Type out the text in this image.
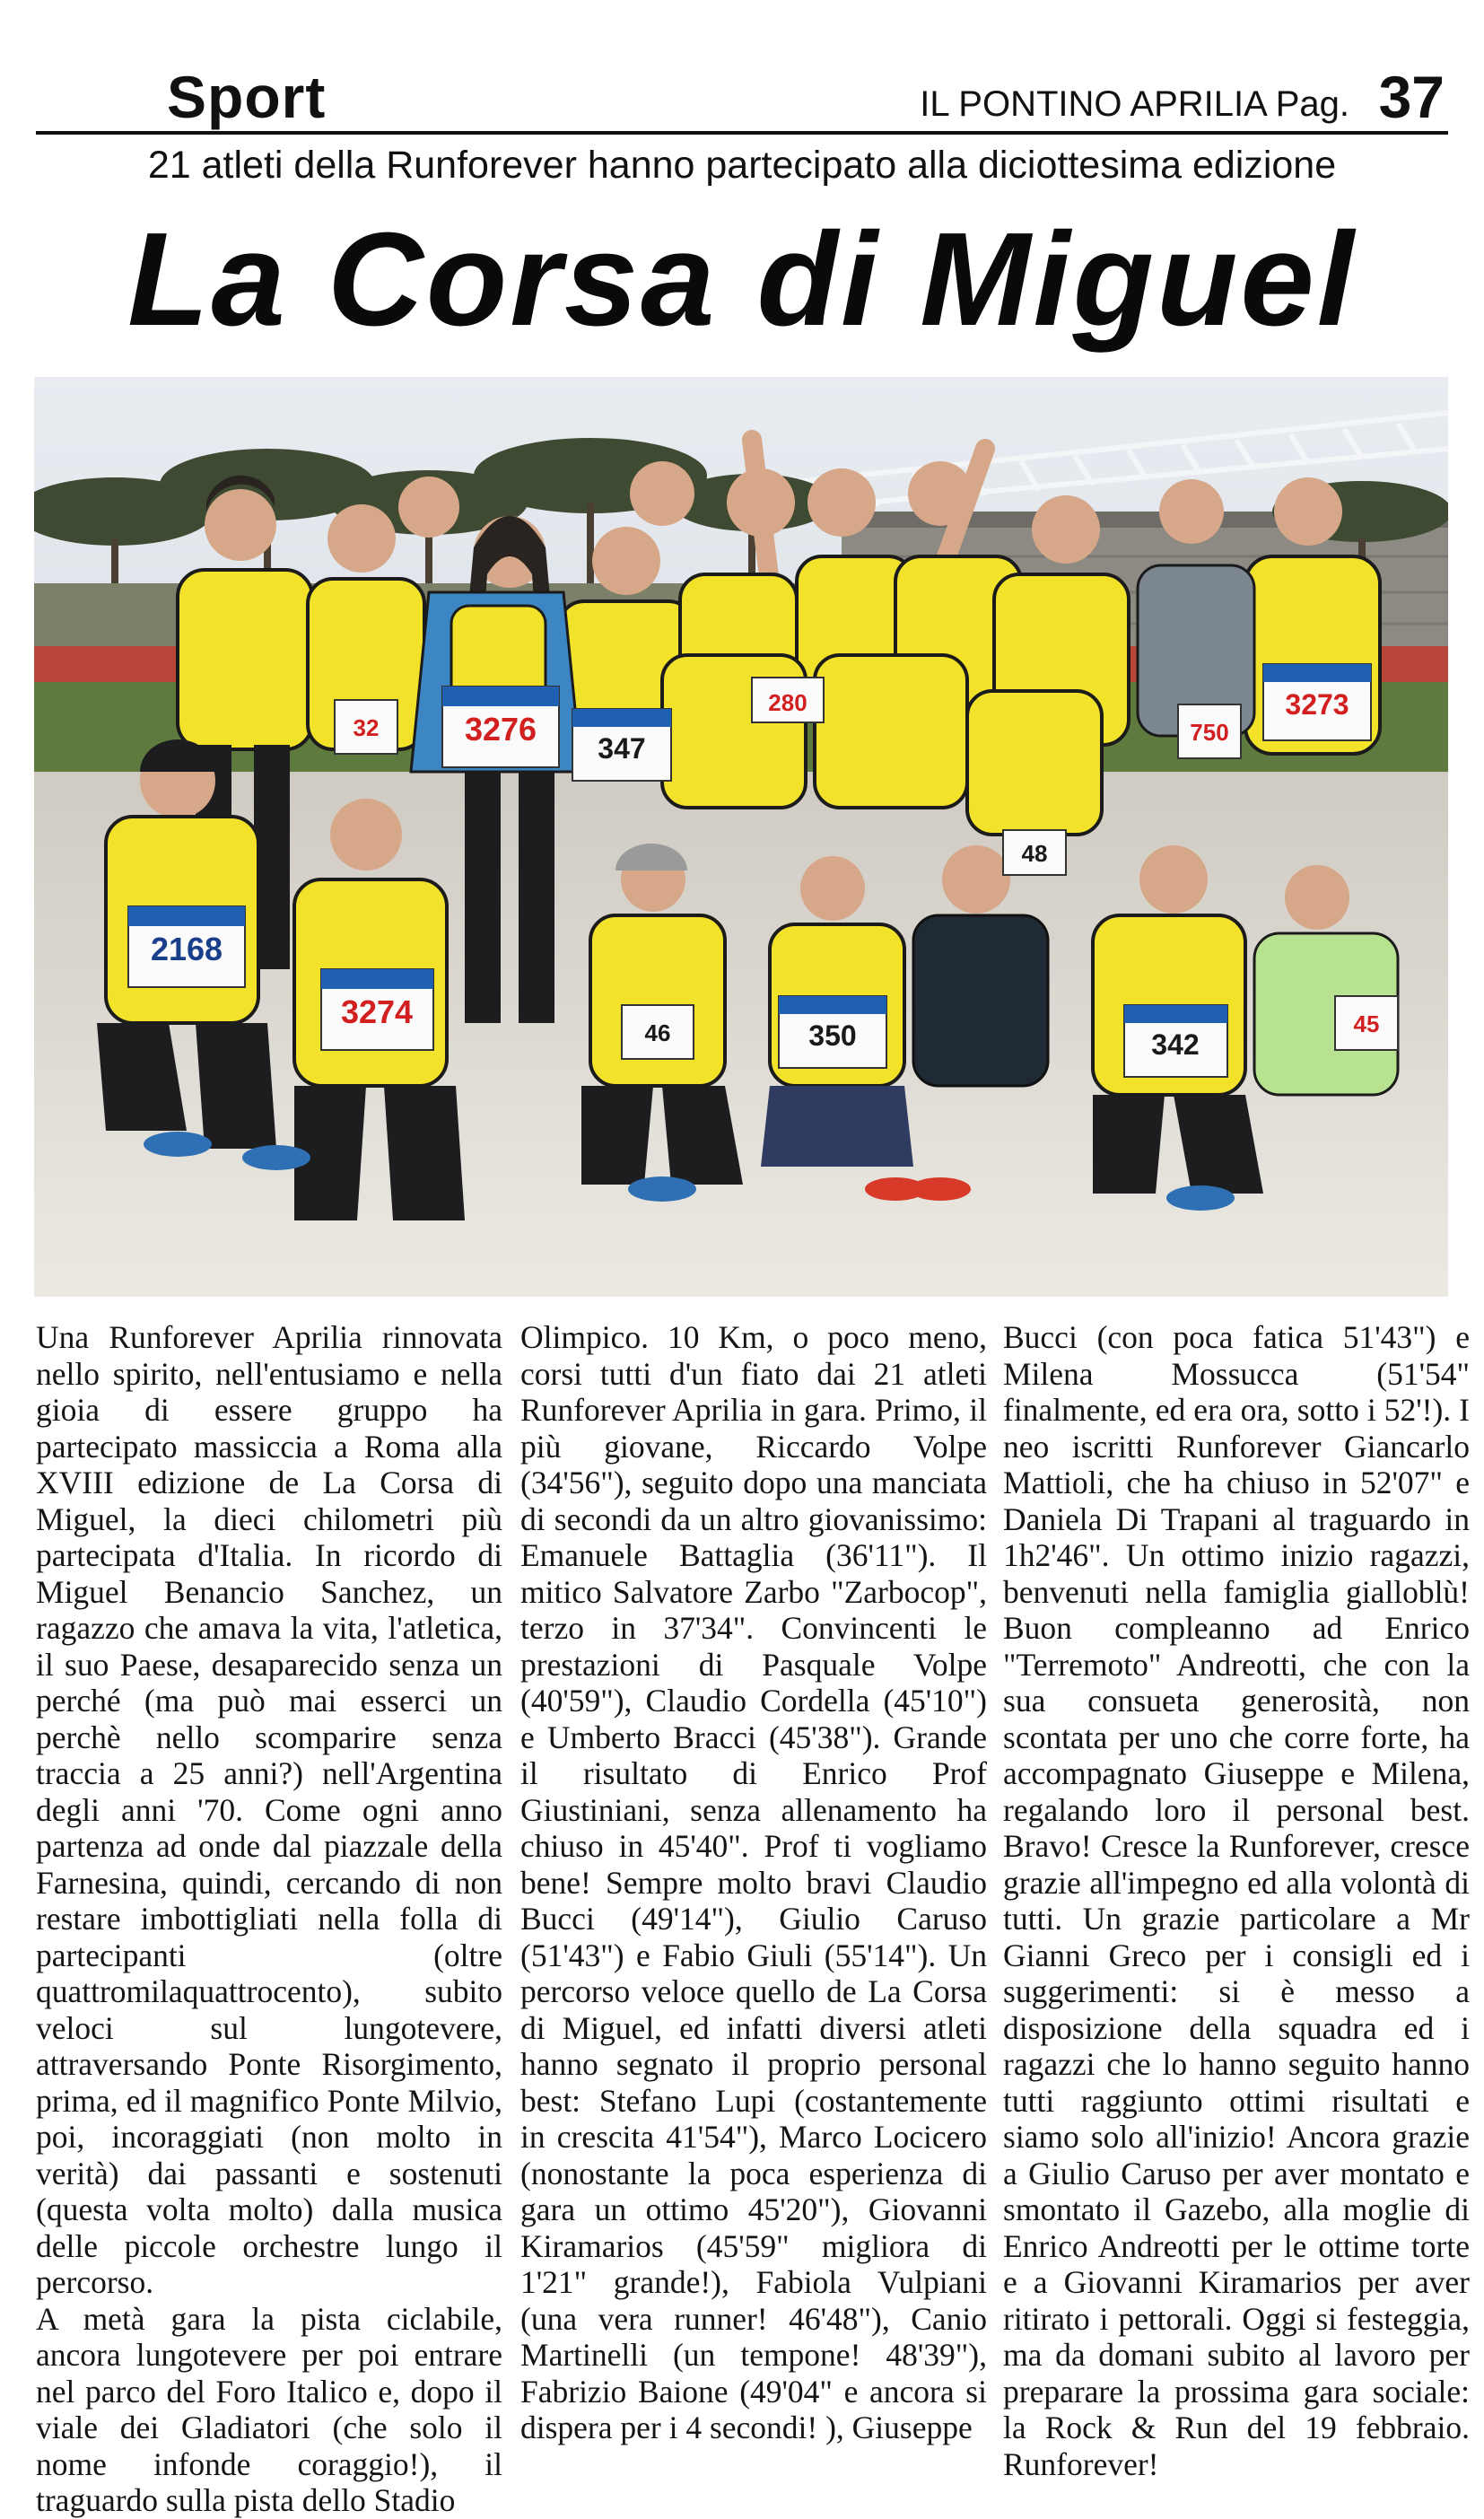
Sport	IL PONTINO APRILIA Pag. 37
21 atleti della Runforever hanno partecipato alla diciottesima edizione
La Corsa di Miguel
3276
347
3273
2168
3274
350	342
280
750
48
46	45
32

Una Runforever Aprilia rinnovata nello spirito, nell'entusiamo e nella gioia di essere gruppo ha partecipato massiccia a Roma alla XVIII edizione de La Corsa di Miguel, la dieci chilometri più partecipata d'Italia. In ricordo di Miguel Benancio Sanchez, un ragazzo che amava la vita, l'atletica, il suo Paese, desaparecido senza un perché (ma può mai esserci un perchè nello scomparire senza traccia a 25 anni?) nell'Argentina degli anni '70. Come ogni anno partenza ad onde dal piazzale della Farnesina, quindi, cercando di non restare imbottigliati nella folla di partecipanti (oltre quattromilaquattrocento), subito veloci sul lungotevere, attraversando Ponte Risorgimento, prima, ed il magnifico Ponte Milvio, poi, incoraggiati (non molto in verità) dai passanti e sostenuti (questa volta molto) dalla musica delle piccole orchestre lungo il percorso.

A metà gara la pista ciclabile, ancora lungotevere per poi entrare nel parco del Foro Italico e, dopo il viale dei Gladiatori (che solo il nome infonde coraggio!), il traguardo sulla pista dello Stadio

Olimpico. 10 Km, o poco meno, corsi tutti d'un fiato dai 21 atleti Runforever Aprilia in gara. Primo, il più giovane, Riccardo Volpe (34'56"), seguito dopo una manciata di secondi da un altro giovanissimo: Emanuele Battaglia (36'11"). Il mitico Salvatore Zarbo "Zarbocop", terzo in 37'34". Convincenti le prestazioni di Pasquale Volpe (40'59"), Claudio Cordella (45'10") e Umberto Bracci (45'38"). Grande il risultato di Enrico Prof Giustiniani, senza allenamento ha chiuso in 45'40". Prof ti vogliamo bene! Sempre molto bravi Claudio Bucci (49'14"), Giulio Caruso (51'43") e Fabio Giuli (55'14"). Un percorso veloce quello de La Corsa di Miguel, ed infatti diversi atleti hanno segnato il proprio personal best: Stefano Lupi (costantemente in crescita 41'54"), Marco Locicero (nonostante la poca esperienza di gara un ottimo 45'20"), Giovanni Kiramarios (45'59" migliora di 1'21" grande!), Fabiola Vulpiani (una vera runner! 46'48"), Canio Martinelli (un tempone! 48'39"), Fabrizio Baione (49'04" e ancora si dispera per i 4 secondi! ), Giuseppe

Bucci (con poca fatica 51'43") e Milena Mossucca (51'54" finalmente, ed era ora, sotto i 52'!). I neo iscritti Runforever Giancarlo Mattioli, che ha chiuso in 52'07" e Daniela Di Trapani al traguardo in 1h2'46". Un ottimo inizio ragazzi, benvenuti nella famiglia gialloblù! Buon compleanno ad Enrico "Terremoto" Andreotti, che con la sua consueta generosità, non scontata per uno che corre forte, ha accompagnato Giuseppe e Milena, regalando loro il personal best. Bravo! Cresce la Runforever, cresce grazie all'impegno ed alla volontà di tutti. Un grazie particolare a Mr Gianni Greco per i consigli ed i suggerimenti: si è messo a disposizione della squadra ed i ragazzi che lo hanno seguito hanno tutti raggiunto ottimi risultati e siamo solo all'inizio! Ancora grazie a Giulio Caruso per aver montato e smontato il Gazebo, alla moglie di Enrico Andreotti per le ottime torte e a Giovanni Kiramarios per aver ritirato i pettorali. Oggi si festeggia, ma da domani subito al lavoro per preparare la prossima gara sociale: la Rock & Run del 19 febbraio. Runforever!
